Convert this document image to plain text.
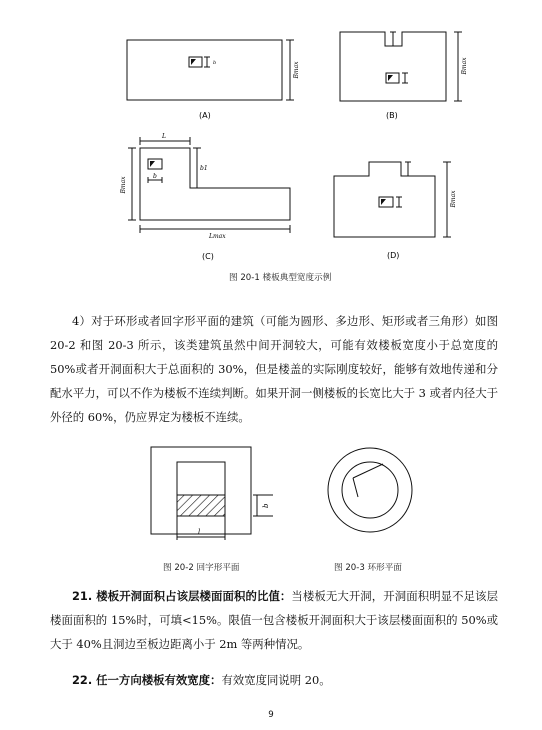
(A)
Bmax
b
(B)
Bmax
(C)
L
b
b1
Bmax
Lmax
(D)
Bmax
b
l
图 20-1 楼板典型宽度示例

4）对于环形或者回字形平面的建筑（可能为圆形、多边形、矩形或者三角形）如图 20-2 和图 20-3 所示，该类建筑虽然中间开洞较大，可能有效楼板宽度小于总宽度的 50%或者开洞面积大于总面积的 30%，但是楼盖的实际刚度较好，能够有效地传递和分配水平力，可以不作为楼板不连续判断。如果开洞一侧楼板的长宽比大于 3 或者内径大于外径的 60%，仍应界定为楼板不连续。

图 20-2 回字形平面	图 20-3 环形平面

21. 楼板开洞面积占该层楼面面积的比值：当楼板无大开洞，开洞面积明显不足该层楼面面积的 15%时，可填<15%。限值一包含楼板开洞面积大于该层楼面面积的 50%或大于 40%且洞边至板边距离小于 2m 等两种情况。

22. 任一方向楼板有效宽度：有效宽度同说明 20。

9
